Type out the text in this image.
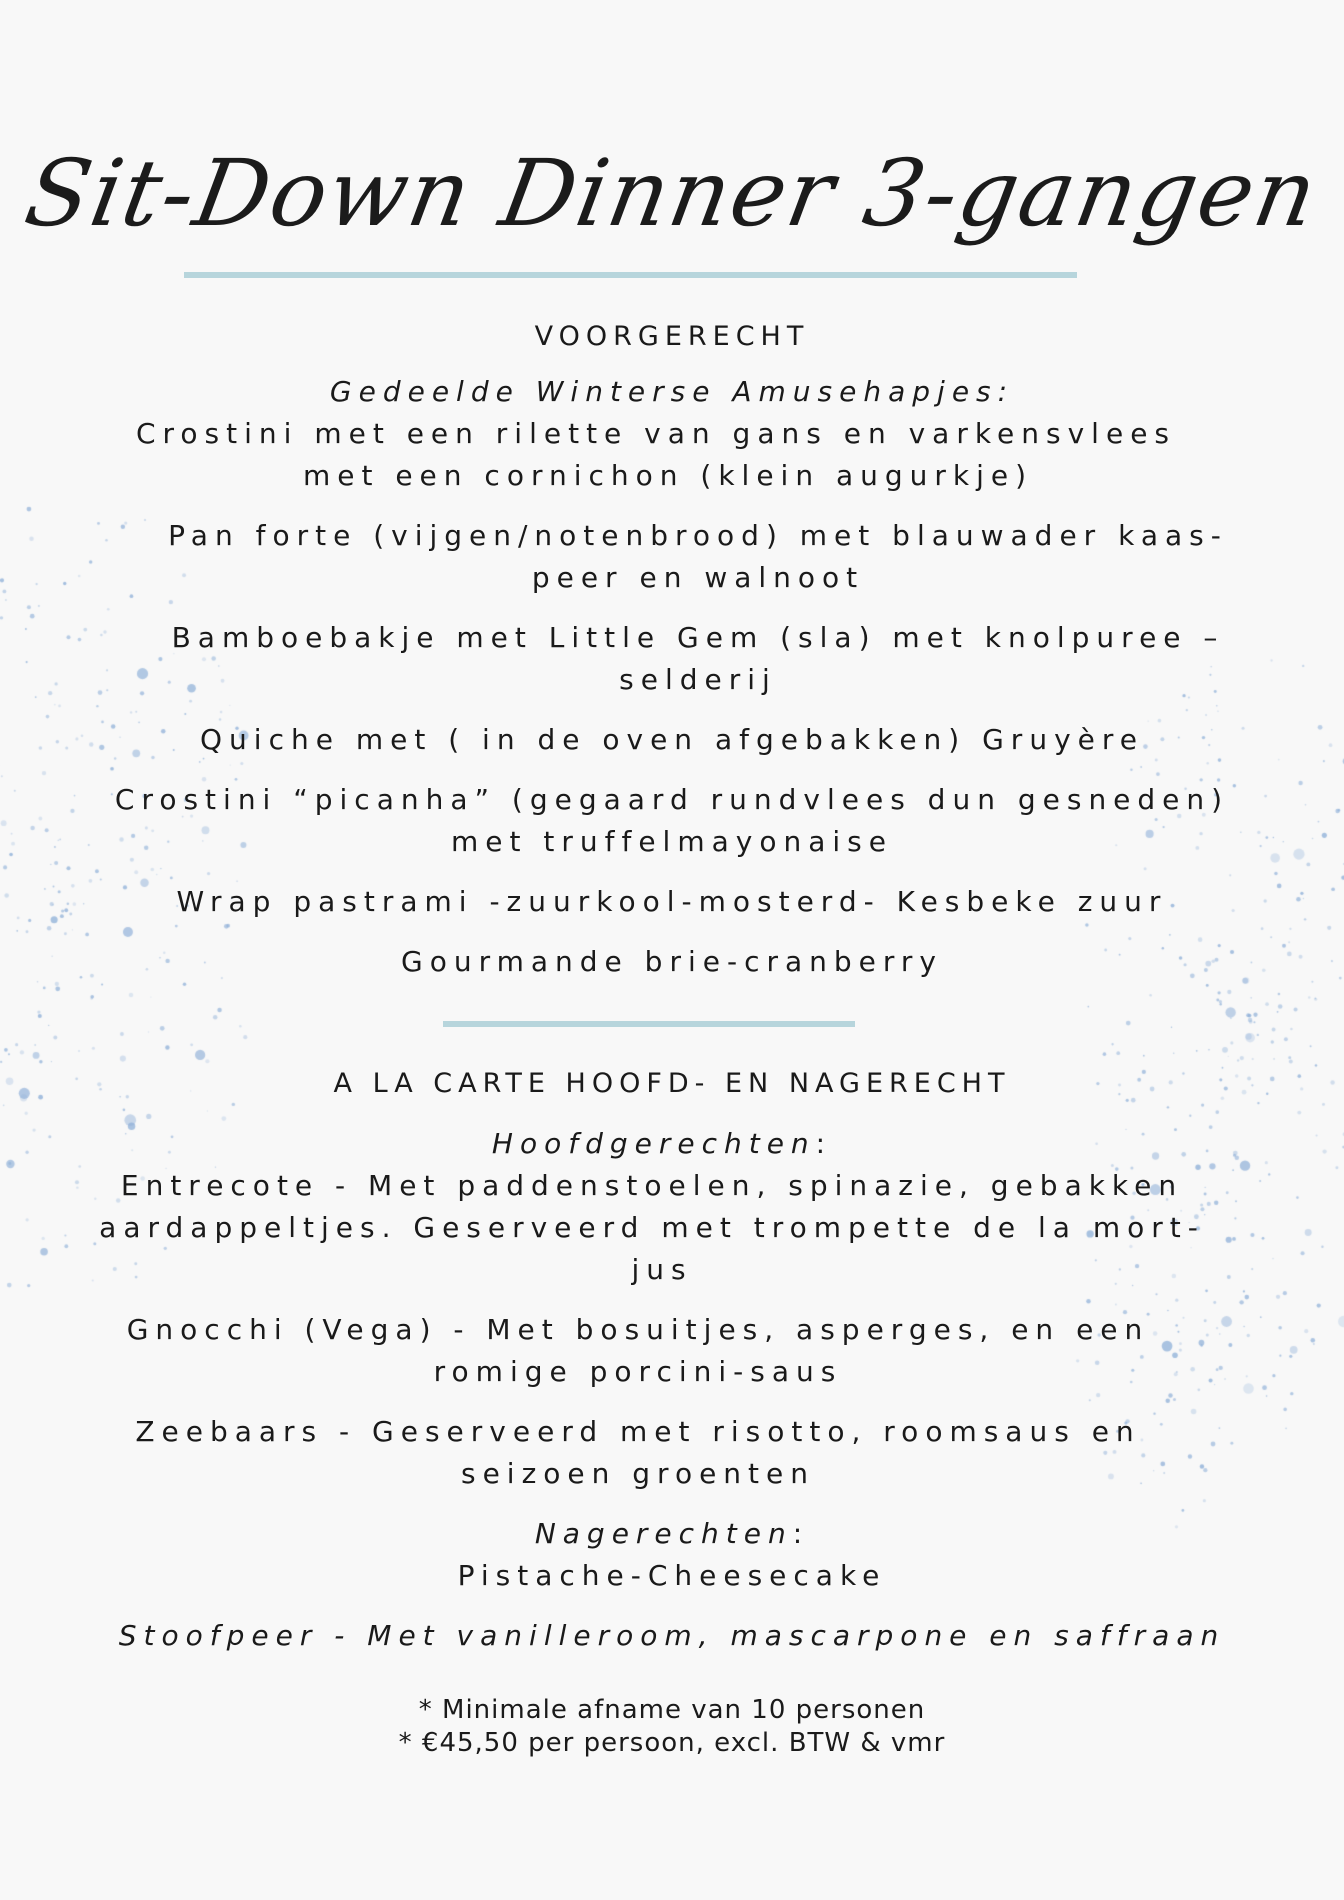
Sit-Down Dinner 3-gangen
VOORGERECHT
Gedeelde Winterse Amusehapjes:
Crostini met een rilette van gans en varkensvlees
met een cornichon (klein augurkje)
Pan forte (vijgen/notenbrood) met blauwader kaas-
peer en walnoot
Bamboebakje met Little Gem (sla) met knolpuree –
selderij
Quiche met ( in de oven afgebakken) Gruyère
Crostini “picanha” (gegaard rundvlees dun gesneden)
met truffelmayonaise
Wrap pastrami -zuurkool-mosterd- Kesbeke zuur
Gourmande brie-cranberry
A LA CARTE HOOFD- EN NAGERECHT
Hoofdgerechten:
Entrecote - Met paddenstoelen, spinazie, gebakken
aardappeltjes. Geserveerd met trompette de la mort-
jus
Gnocchi (Vega) - Met bosuitjes, asperges, en een
romige porcini-saus
Zeebaars - Geserveerd met risotto, roomsaus en
seizoen groenten
Nagerechten:
Pistache-Cheesecake
Stoofpeer - Met vanilleroom, mascarpone en saffraan
* Minimale afname van 10 personen
* €45,50 per persoon, excl. BTW & vmr
